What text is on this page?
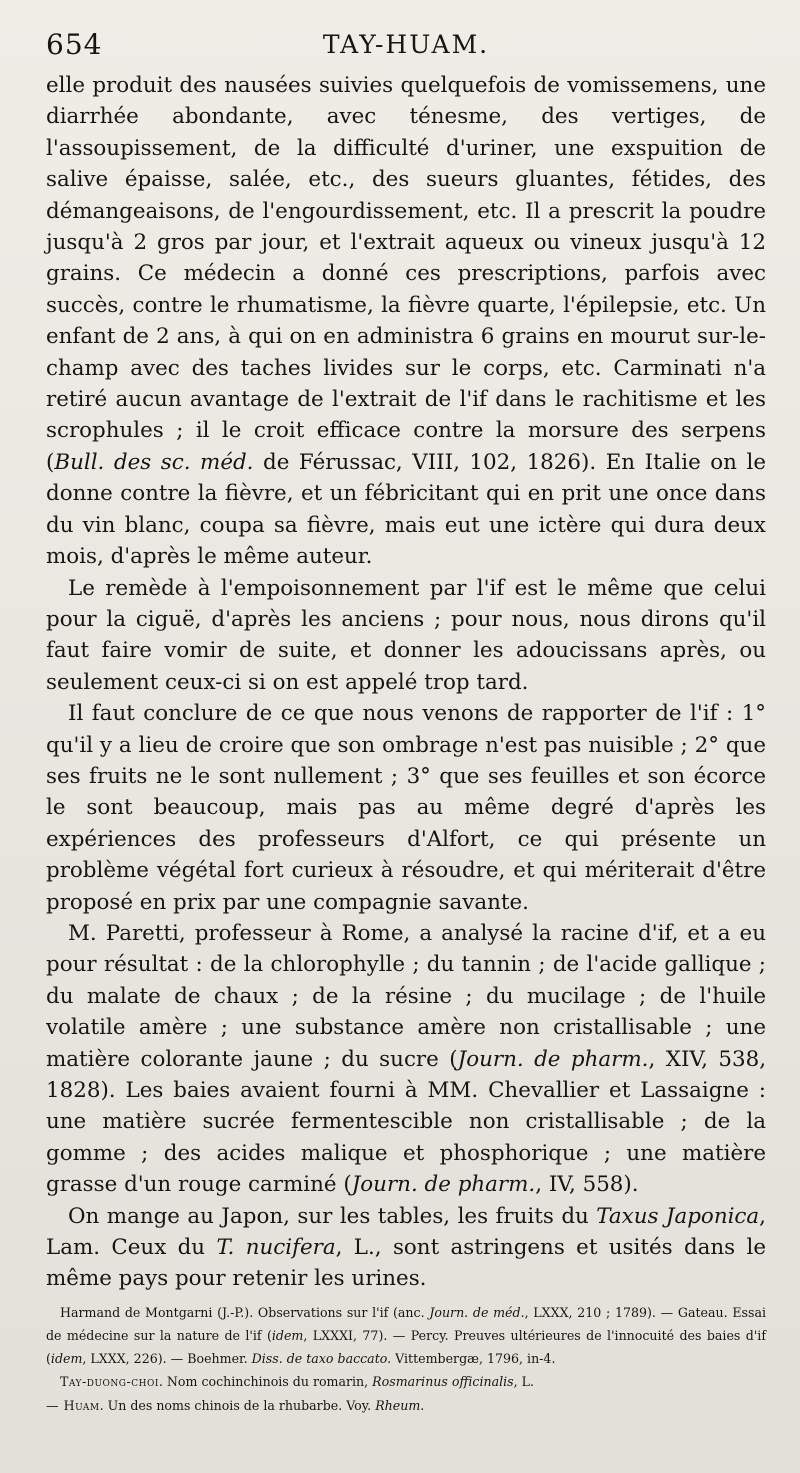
654	TAY-HUAM.

elle produit des nausées suivies quelquefois de vomissemens, une diarrhée abondante, avec ténesme, des vertiges, de l'assoupissement, de la difficulté d'uriner, une exspuition de salive épaisse, salée, etc., des sueurs gluantes, fétides, des démangeaisons, de l'engourdissement, etc. Il a prescrit la poudre jusqu'à 2 gros par jour, et l'extrait aqueux ou vineux jusqu'à 12 grains. Ce médecin a donné ces prescriptions, parfois avec succès, contre le rhumatisme, la fièvre quarte, l'épilepsie, etc. Un enfant de 2 ans, à qui on en administra 6 grains en mourut sur-le-champ avec des taches livides sur le corps, etc. Carminati n'a retiré aucun avantage de l'extrait de l'if dans le rachitisme et les scrophules ; il le croit efficace contre la morsure des serpens (Bull. des sc. méd. de Férussac, VIII, 102, 1826). En Italie on le donne contre la fièvre, et un fébricitant qui en prit une once dans du vin blanc, coupa sa fièvre, mais eut une ictère qui dura deux mois, d'après le même auteur.

Le remède à l'empoisonnement par l'if est le même que celui pour la ciguë, d'après les anciens ; pour nous, nous dirons qu'il faut faire vomir de suite, et donner les adoucissans après, ou seulement ceux-ci si on est appelé trop tard.

Il faut conclure de ce que nous venons de rapporter de l'if : 1° qu'il y a lieu de croire que son ombrage n'est pas nuisible ; 2° que ses fruits ne le sont nullement ; 3° que ses feuilles et son écorce le sont beaucoup, mais pas au même degré d'après les expériences des professeurs d'Alfort, ce qui présente un problème végétal fort curieux à résoudre, et qui mériterait d'être proposé en prix par une compagnie savante.

M. Paretti, professeur à Rome, a analysé la racine d'if, et a eu pour résultat : de la chlorophylle ; du tannin ; de l'acide gallique ; du malate de chaux ; de la résine ; du mucilage ; de l'huile volatile amère ; une substance amère non cristallisable ; une matière colorante jaune ; du sucre (Journ. de pharm., XIV, 538, 1828). Les baies avaient fourni à MM. Chevallier et Lassaigne : une matière sucrée fermentescible non cristallisable ; de la gomme ; des acides malique et phosphorique ; une matière grasse d'un rouge carminé (Journ. de pharm., IV, 558).

On mange au Japon, sur les tables, les fruits du Taxus Japonica, Lam. Ceux du T. nucifera, L., sont astringens et usités dans le même pays pour retenir les urines.

Harmand de Montgarni (J.-P.). Observations sur l'if (anc. Journ. de méd., LXXX, 210 ; 1789). — Gateau. Essai de médecine sur la nature de l'if (idem, LXXXI, 77). — Percy. Preuves ultérieures de l'innocuité des baies d'if (idem, LXXX, 226). — Boehmer. Diss. de taxo baccato. Vittembergæ, 1796, in-4.

Tay-duong-choi. Nom cochinchinois du romarin, Rosmarinus officinalis, L.

— Huam. Un des noms chinois de la rhubarbe. Voy. Rheum.
